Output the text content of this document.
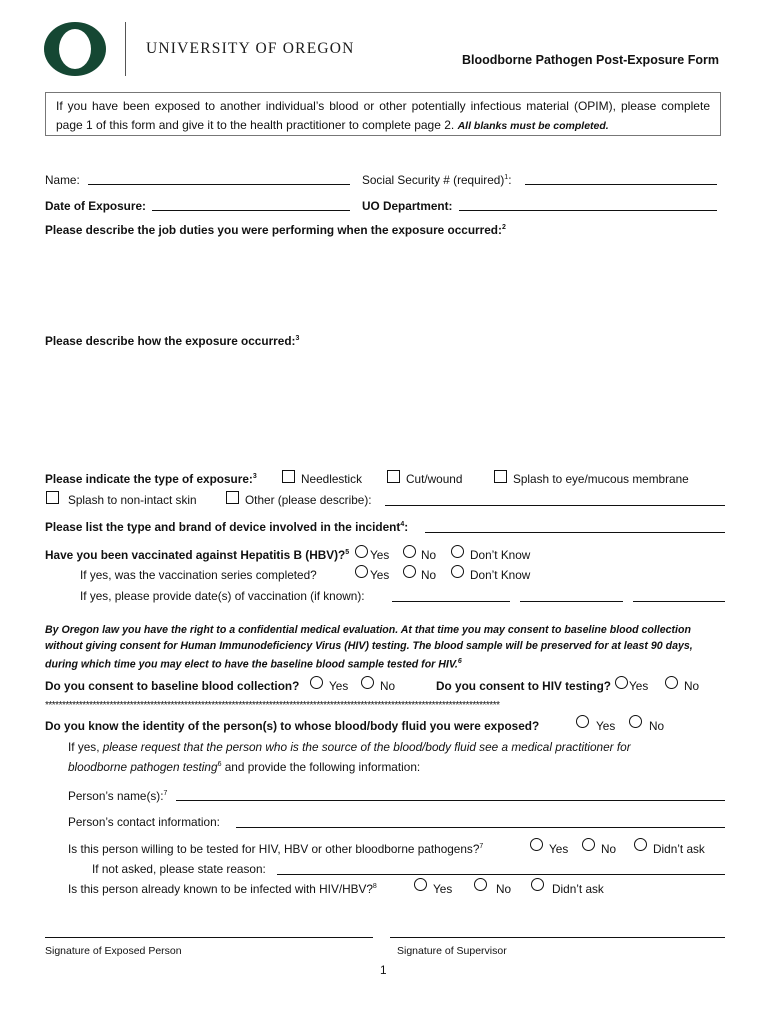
UNIVERSITY OF OREGON
Bloodborne Pathogen Post-Exposure Form
If you have been exposed to another individual’s blood or other potentially infectious material (OPIM), please complete page 1 of this form and give it to the health practitioner to complete page 2. All blanks must be completed.
Name:	Social Security # (required)$^1$:
Date of Exposure:	UO Department:
Please describe the job duties you were performing when the exposure occurred:$^2$
Please describe how the exposure occurred:$^3$
Please indicate the type of exposure:$^3$	Needlestick	Cut/wound	Splash to eye/mucous membrane
Splash to non-intact skin	Other (please describe):
Please list the type and brand of device involved in the incident$^4$:
Have you been vaccinated against Hepatitis B (HBV)?$^5$ Yes	No	Don’t Know
If yes, was the vaccination series completed?	Yes	No	Don’t Know
If yes, please provide date(s) of vaccination (if known):
By Oregon law you have the right to a confidential medical evaluation. At that time you may consent to baseline blood collection without giving consent for Human Immunodeficiency Virus (HIV) testing. The blood sample will be preserved for at least 90 days, during which time you may elect to have the baseline blood sample tested for HIV.$^6$
Do you consent to baseline blood collection?	Yes	No	Do you consent to HIV testing? Yes	No
**************************************************************************************************************************************
Do you know the identity of the person(s) to whose blood/body fluid you were exposed?	Yes	No
If yes, please request that the person who is the source of the blood/body fluid see a medical practitioner for
bloodborne pathogen testing$^6$ and provide the following information:
Person’s name(s):$^7$
Person’s contact information:
Is this person willing to be tested for HIV, HBV or other bloodborne pathogens?$^7$	Yes	No	Didn’t ask
If not asked, please state reason:
Is this person already known to be infected with HIV/HBV?$^8$	Yes	No	Didn’t ask
Signature of Exposed Person	Signature of Supervisor
1
